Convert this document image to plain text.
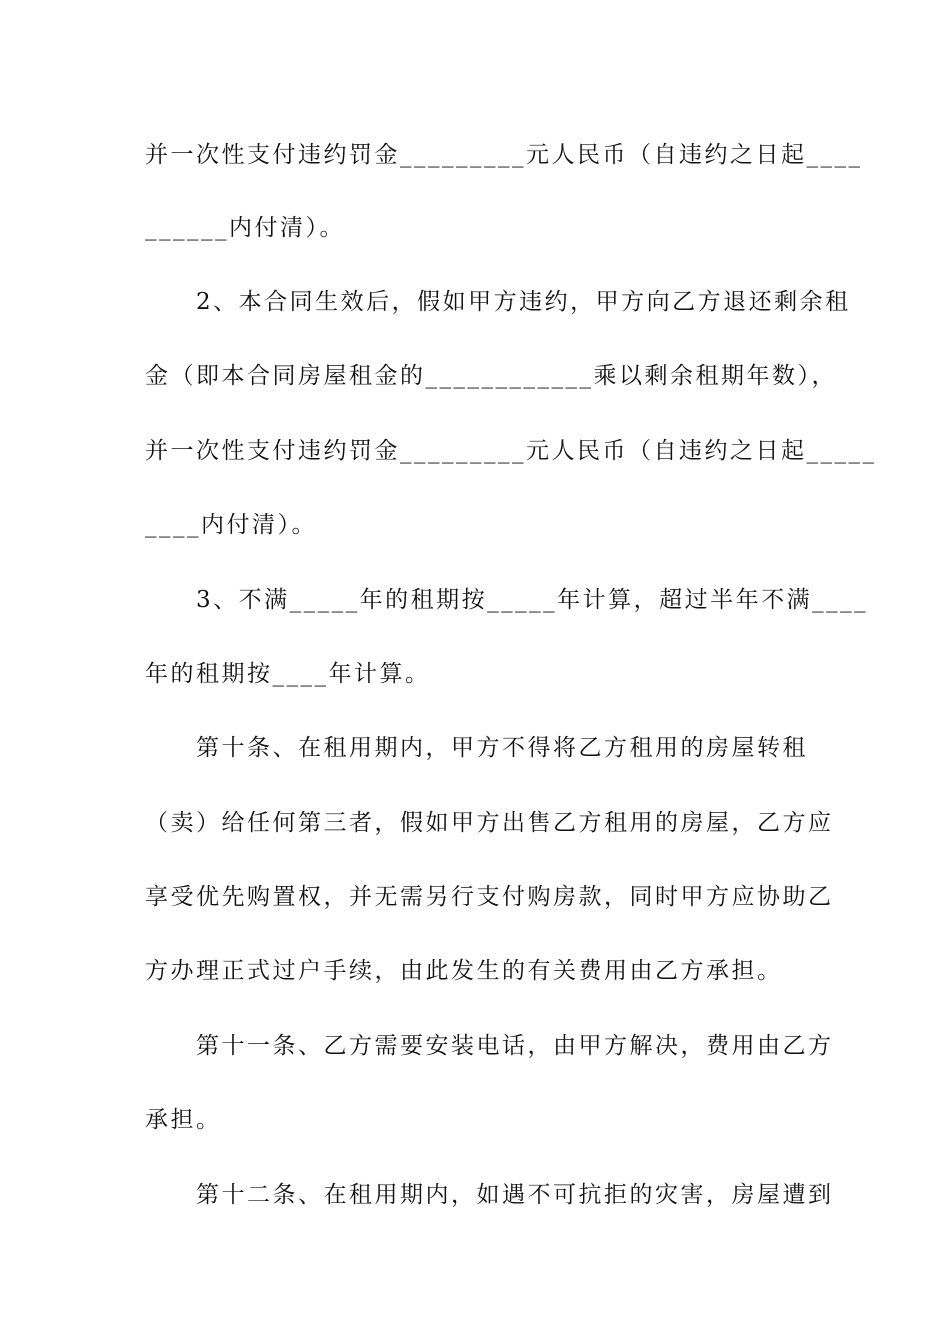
并一次性支付违约罚金_________元人民币（自违约之日起____
______内付清）。
　　2、本合同生效后，假如甲方违约，甲方向乙方退还剩余租
金（即本合同房屋租金的____________乘以剩余租期年数），
并一次性支付违约罚金_________元人民币（自违约之日起_____
____内付清）。
　　3、不满_____年的租期按_____年计算，超过半年不满____
年的租期按____年计算。
　　第十条、在租用期内，甲方不得将乙方租用的房屋转租
（卖）给任何第三者，假如甲方出售乙方租用的房屋，乙方应
享受优先购置权，并无需另行支付购房款，同时甲方应协助乙
方办理正式过户手续，由此发生的有关费用由乙方承担。
　　第十一条、乙方需要安装电话，由甲方解决，费用由乙方
承担。
　　第十二条、在租用期内，如遇不可抗拒的灾害，房屋遭到
